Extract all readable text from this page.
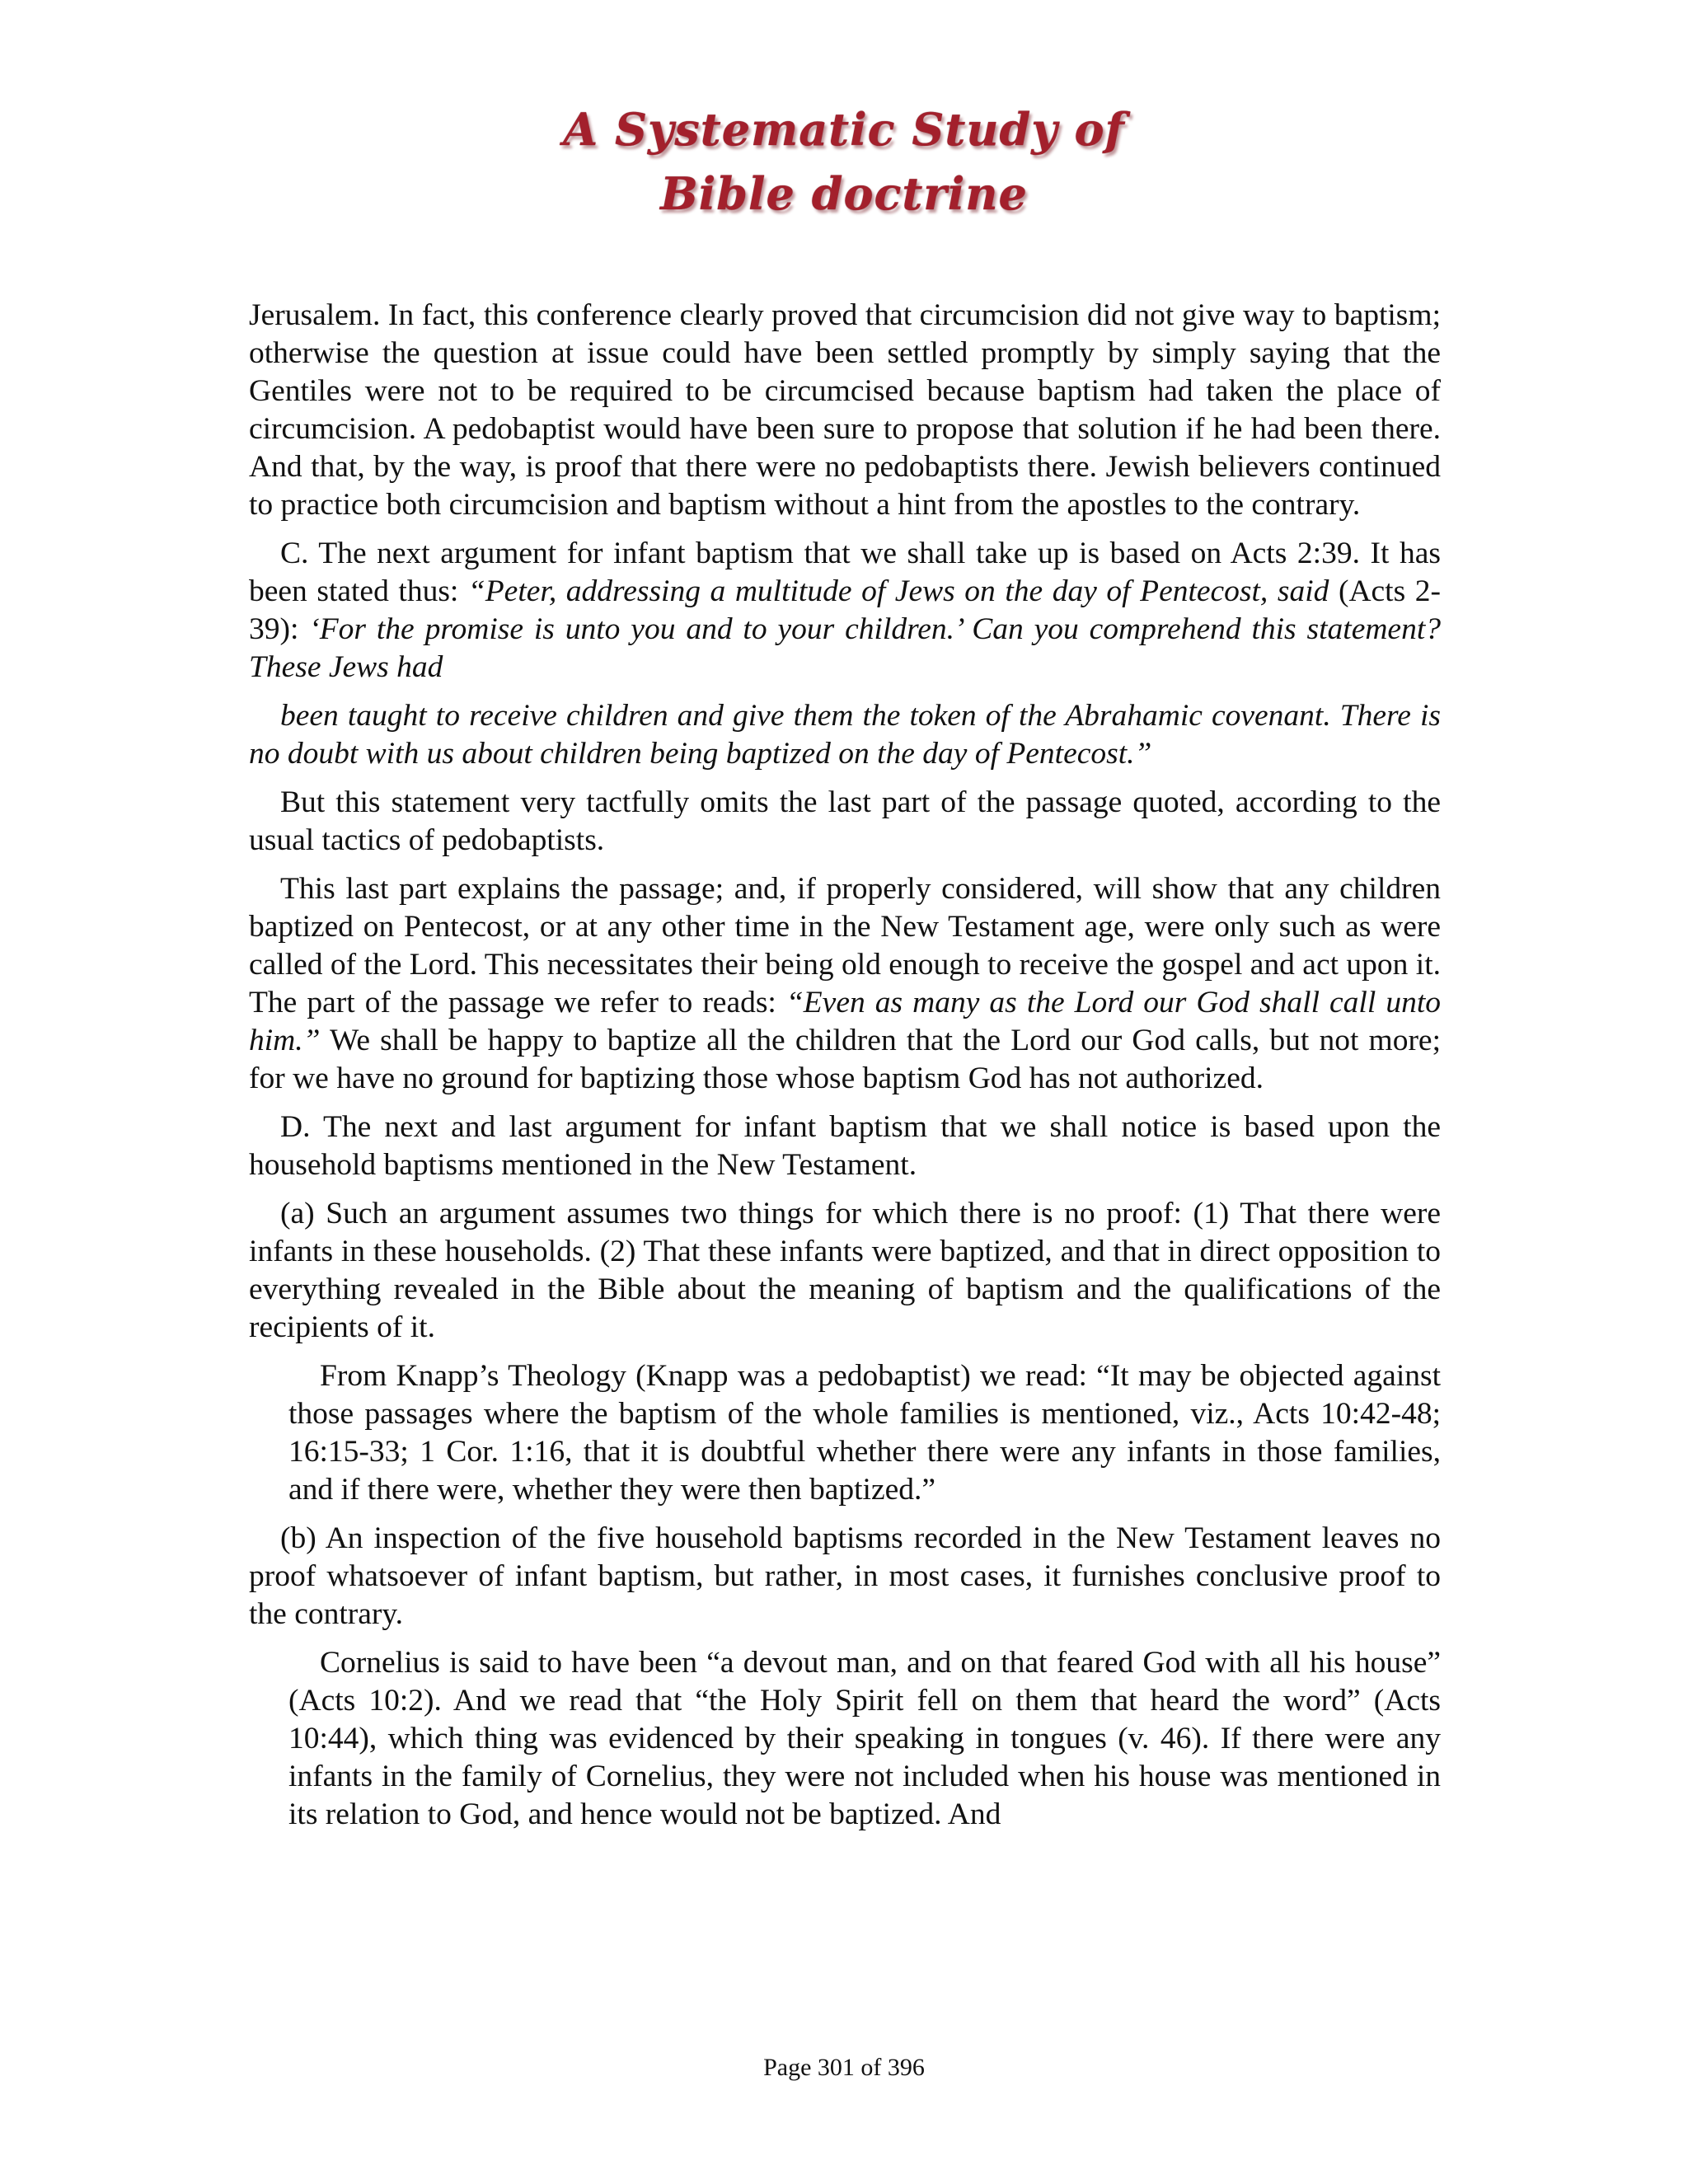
A Systematic Study of
Bible doctrine

Jerusalem. In fact, this conference clearly proved that circumcision did not give way to baptism; otherwise the question at issue could have been settled promptly by simply saying that the Gentiles were not to be required to be circumcised because baptism had taken the place of circumcision. A pedobaptist would have been sure to propose that solution if he had been there. And that, by the way, is proof that there were no pedobaptists there. Jewish believers continued to practice both circumcision and baptism without a hint from the apostles to the contrary.

C. The next argument for infant baptism that we shall take up is based on Acts 2:39. It has been stated thus: “Peter, addressing a multitude of Jews on the day of Pentecost, said (Acts 2-39): ‘For the promise is unto you and to your children.’ Can you comprehend this statement? These Jews had

been taught to receive children and give them the token of the Abrahamic covenant. There is no doubt with us about children being baptized on the day of Pentecost.”

But this statement very tactfully omits the last part of the passage quoted, according to the usual tactics of pedobaptists.

This last part explains the passage; and, if properly considered, will show that any children baptized on Pentecost, or at any other time in the New Testament age, were only such as were called of the Lord. This necessitates their being old enough to receive the gospel and act upon it. The part of the passage we refer to reads: “Even as many as the Lord our God shall call unto him.” We shall be happy to baptize all the children that the Lord our God calls, but not more; for we have no ground for baptizing those whose baptism God has not authorized.

D. The next and last argument for infant baptism that we shall notice is based upon the household baptisms mentioned in the New Testament.

(a) Such an argument assumes two things for which there is no proof: (1) That there were infants in these households. (2) That these infants were baptized, and that in direct opposition to everything revealed in the Bible about the meaning of baptism and the qualifications of the recipients of it.

From Knapp’s Theology (Knapp was a pedobaptist) we read: “It may be objected against those passages where the baptism of the whole families is mentioned, viz., Acts 10:42-48; 16:15-33; 1 Cor. 1:16, that it is doubtful whether there were any infants in those families, and if there were, whether they were then baptized.”

(b) An inspection of the five household baptisms recorded in the New Testament leaves no proof whatsoever of infant baptism, but rather, in most cases, it furnishes conclusive proof to the contrary.

Cornelius is said to have been “a devout man, and on that feared God with all his house” (Acts 10:2). And we read that “the Holy Spirit fell on them that heard the word” (Acts 10:44), which thing was evidenced by their speaking in tongues (v. 46). If there were any infants in the family of Cornelius, they were not included when his house was mentioned in its relation to God, and hence would not be baptized. And

Page 301 of 396
